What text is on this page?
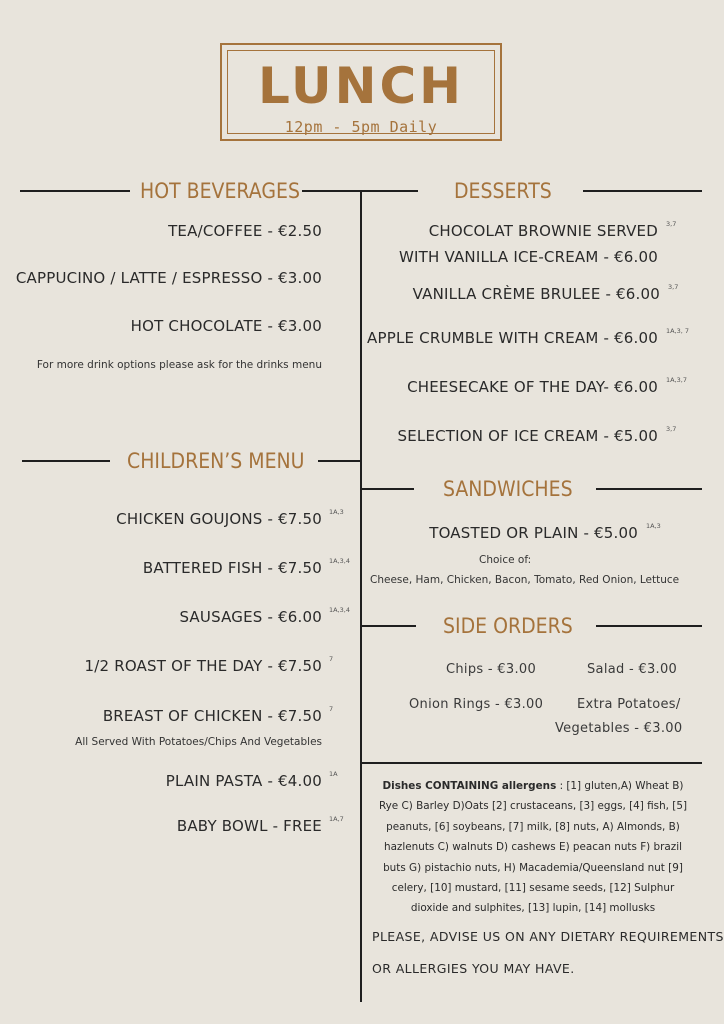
LUNCH
12pm - 5pm Daily
HOT BEVERAGES
TEA/COFFEE - €2.50
CAPPUCINO / LATTE / ESPRESSO - €3.00
HOT CHOCOLATE - €3.00
For more drink options please ask for the drinks menu
CHILDREN’S MENU
CHICKEN GOUJONS - €7.50 1A,3
BATTERED FISH - €7.50 1A,3,4
SAUSAGES - €6.00 1A,3,4
1/2 ROAST OF THE DAY - €7.50 7
BREAST OF CHICKEN - €7.50 7
All Served With Potatoes/Chips And Vegetables
PLAIN PASTA - €4.00 1A
BABY BOWL - FREE 1A,7
DESSERTS
CHOCOLAT BROWNIE SERVED 3,7
WITH VANILLA ICE-CREAM - €6.00
VANILLA CRÈME BRULEE - €6.00 3,7
APPLE CRUMBLE WITH CREAM - €6.00 1A,3, 7
CHEESECAKE OF THE DAY- €6.00 1A,3,7
SELECTION OF ICE CREAM - €5.00 3,7
SANDWICHES
TOASTED OR PLAIN - €5.00 1A,3
Choice of:
Cheese, Ham, Chicken, Bacon, Tomato, Red Onion, Lettuce
SIDE ORDERS
Chips - €3.00	Salad - €3.00
Onion Rings - €3.00	Extra Potatoes/
Vegetables - €3.00
Dishes CONTAINING allergens : [1] gluten,A) Wheat B) Rye C) Barley D)Oats [2] crustaceans, [3] eggs, [4] fish, [5] peanuts, [6] soybeans, [7] milk, [8] nuts, A) Almonds, B) hazlenuts C) walnuts D) cashews E) peacan nuts F) brazil buts G) pistachio nuts, H) Macademia/Queensland nut [9] celery, [10] mustard, [11] sesame seeds, [12] Sulphur dioxide and sulphites, [13] lupin, [14] mollusks
PLEASE, ADVISE US ON ANY DIETARY REQUIREMENTS
OR ALLERGIES YOU MAY HAVE.
